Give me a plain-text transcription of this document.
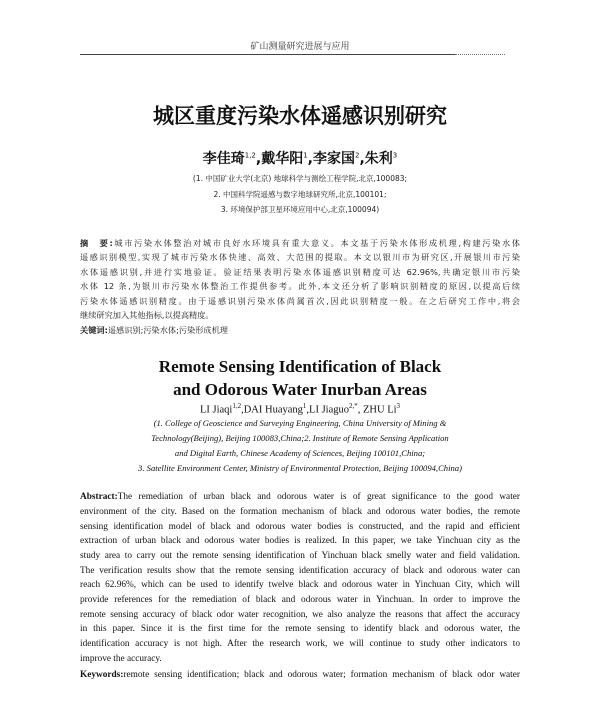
矿山测量研究进展与应用
城区重度污染水体遥感识别研究
李佳琦$^{1,2}$,戴华阳$^1$,李家国$^2$,朱利$^3$
(1. 中国矿业大学(北京) 地球科学与测绘工程学院,北京,100083;
2. 中国科学院遥感与数字地球研究所,北京,100101;
3. 环境保护部卫星环境应用中心,北京,100094)
摘　要:城市污染水体整治对城市良好水环境具有重大意义。本文基于污染水体形成机理,构建污染水体
遥感识别模型,实现了城市污染水体快速、高效、大范围的提取。本文以银川市为研究区,开展银川市污染
水体遥感识别,并进行实地验证。验证结果表明污染水体遥感识别精度可达 62.96%,共确定银川市污染
水体 12 条,为银川市污染水体整治工作提供参考。此外,本文还分析了影响识别精度的原因,以提高后续
污染水体遥感识别精度。由于遥感识别污染水体尚属首次,因此识别精度一般。在之后研究工作中,将会
继续研究加入其他指标,以提高精度。
关键词:遥感识别;污染水体;污染形成机理
Remote Sensing Identification of Black
and Odorous Water Inurban Areas
LI Jiaqi$^{1,2}$,DAI Huayang$^1$,LI Jiaguo$^{2,*}$, ZHU Li$^3$
(1. College of Geoscience and Surveying Engineering, China University of Mining &
Technology(Beijing), Beijing 100083,China;2. Institute of Remote Sensing Application
and Digital Earth, Chinese Academy of Sciences, Beijing 100101,China;
3. Satellite Environment Center, Ministry of Environmental Protection, Beijing 100094,China)
Abstract:The remediation of urban black and odorous water is of great significance to the good water
environment of the city. Based on the formation mechanism of black and odorous water bodies, the remote
sensing identification model of black and odorous water bodies is constructed, and the rapid and efficient
extraction of urban black and odorous water bodies is realized. In this paper, we take Yinchuan city as the
study area to carry out the remote sensing identification of Yinchuan black smelly water and field validation.
The verification results show that the remote sensing identification accuracy of black and odorous water can
reach 62.96%, which can be used to identify twelve black and odorous water in Yinchuan City, which will
provide references for the remediation of black and odorous water in Yinchuan. In order to improve the
remote sensing accuracy of black odor water recognition, we also analyze the reasons that affect the accuracy
in this paper. Since it is the first time for the remote sensing to identify black and odorous water, the
identification accuracy is not high. After the research work, we will continue to study other indicators to
improve the accuracy.
Keywords:remote sensing identification; black and odorous water; formation mechanism of black odor water
